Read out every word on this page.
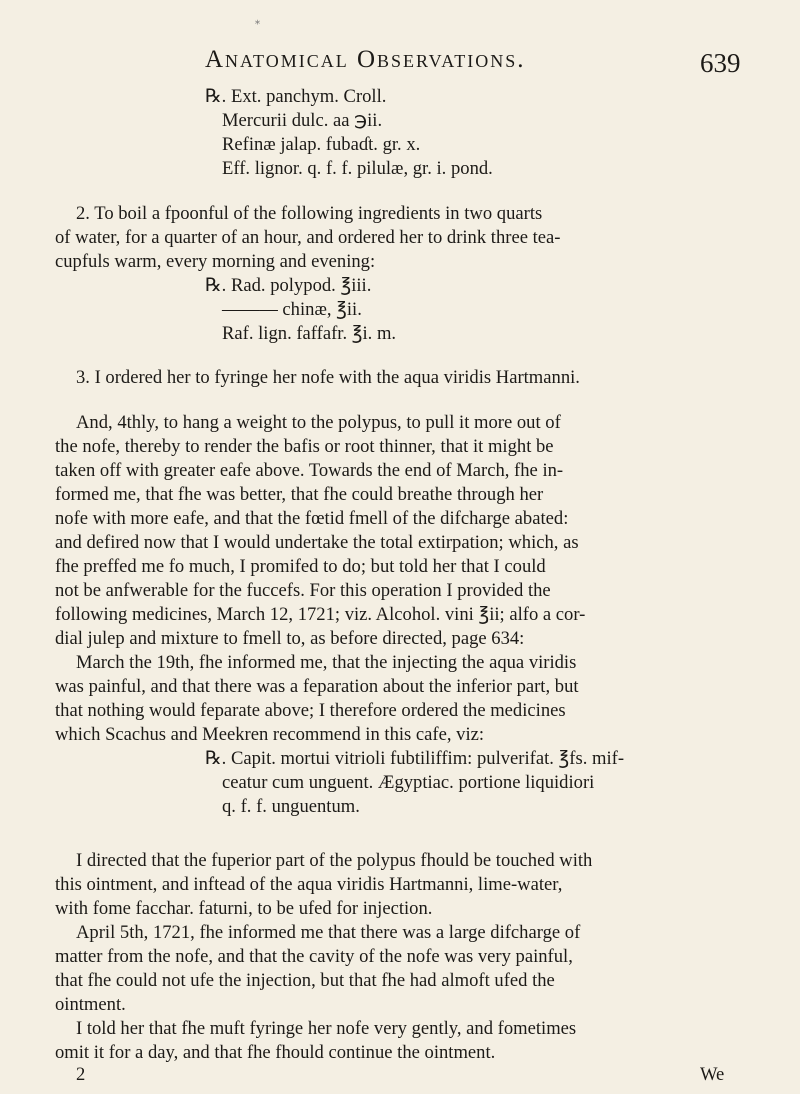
⁎
Anatomical Observations.	639
℞. Ext. panchym. Croll.
Mercurii dulc. aa ℈ii.
Refinæ jalap. fubaɗt. gr. x.
Eff. lignor. q. f. f. pilulæ, gr. i. pond.
2. To boil a fpoonful of the following ingredients in two quarts
of water, for a quarter of an hour, and ordered her to drink three tea-
cupfuls warm, every morning and evening:
℞. Rad. polypod. ℥iii.
——— chinæ, ℥ii.
Raf. lign. faffafr. ℥i. m.
3. I ordered her to fyringe her nofe with the aqua viridis Hartmanni.
And, 4thly, to hang a weight to the polypus, to pull it more out of
the nofe, thereby to render the bafis or root thinner, that it might be
taken off with greater eafe above. Towards the end of March, fhe in-
formed me, that fhe was better, that fhe could breathe through her
nofe with more eafe, and that the fœtid fmell of the difcharge abated:
and defired now that I would undertake the total extirpation; which, as
fhe preffed me fo much, I promifed to do; but told her that I could
not be anfwerable for the fuccefs. For this operation I provided the
following medicines, March 12, 1721; viz. Alcohol. vini ℥ii; alfo a cor-
dial julep and mixture to fmell to, as before directed, page 634:
March the 19th, fhe informed me, that the injecting the aqua viridis
was painful, and that there was a feparation about the inferior part, but
that nothing would feparate above; I therefore ordered the medicines
which Scachus and Meekren recommend in this cafe, viz:
℞. Capit. mortui vitrioli fubtiliffim: pulverifat. ℥fs. mif-
ceatur cum unguent. Ægyptiac. portione liquidiori
q. f. f. unguentum.
I directed that the fuperior part of the polypus fhould be touched with
this ointment, and inftead of the aqua viridis Hartmanni, lime-water,
with fome facchar. faturni, to be ufed for injection.
April 5th, 1721, fhe informed me that there was a large difcharge of
matter from the nofe, and that the cavity of the nofe was very painful,
that fhe could not ufe the injection, but that fhe had almoft ufed the
ointment.
I told her that fhe muft fyringe her nofe very gently, and fometimes
omit it for a day, and that fhe fhould continue the ointment.
2	We
